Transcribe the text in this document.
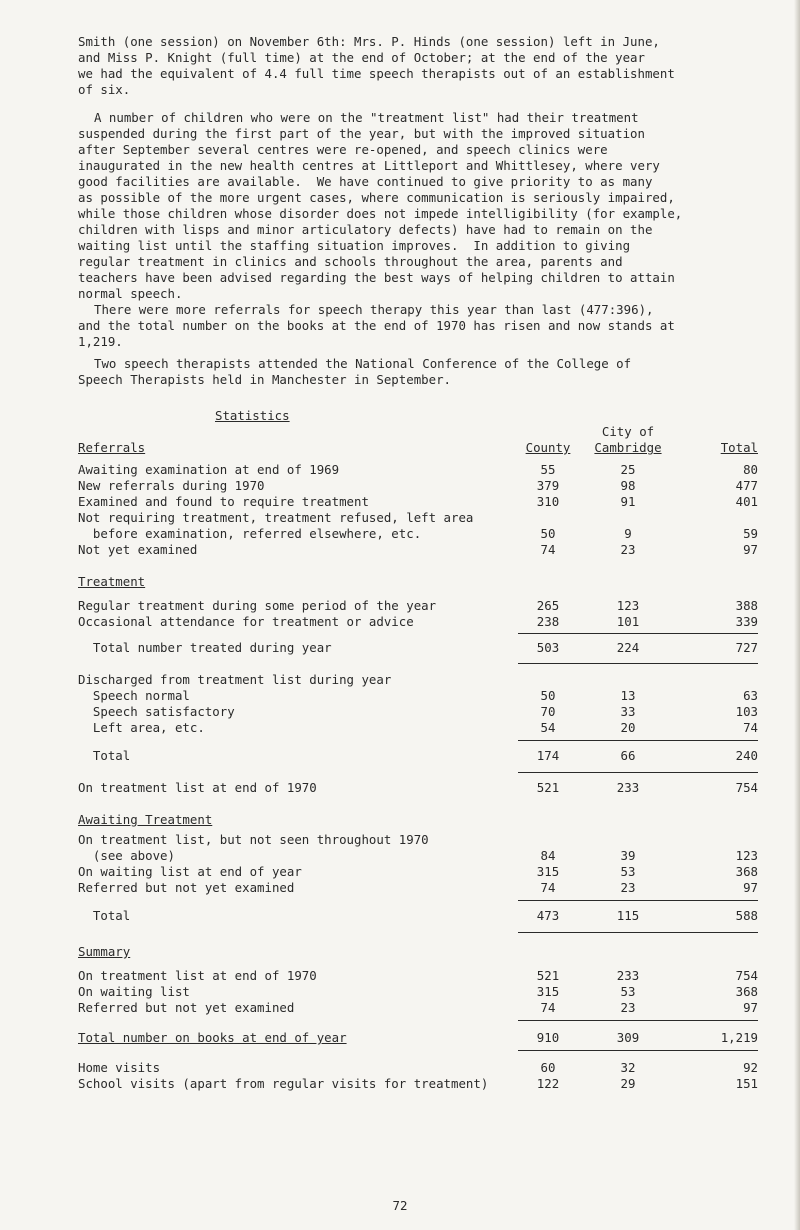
Smith (one session) on November 6th: Mrs. P. Hinds (one session) left in June,
and Miss P. Knight (full time) at the end of October; at the end of the year
we had the equivalent of 4.4 full time speech therapists out of an establishment
of six.
A number of children who were on the "treatment list" had their treatment
suspended during the first part of the year, but with the improved situation
after September several centres were re-opened, and speech clinics were
inaugurated in the new health centres at Littleport and Whittlesey, where very
good facilities are available.  We have continued to give priority to as many
as possible of the more urgent cases, where communication is seriously impaired,
while those children whose disorder does not impede intelligibility (for example,
children with lisps and minor articulatory defects) have had to remain on the
waiting list until the staffing situation improves.  In addition to giving
regular treatment in clinics and schools throughout the area, parents and
teachers have been advised regarding the best ways of helping children to attain
normal speech.
There were more referrals for speech therapy this year than last (477:396),
and the total number on the books at the end of 1970 has risen and now stands at
1,219.
Two speech therapists attended the National Conference of the College of
Speech Therapists held in Manchester in September.
Statistics
Referrals	County
City of
Cambridge	Total
Awaiting examination at end of 1969	55	25	80
New referrals during 1970	379	98	477
Examined and found to require treatment	310	91	401
Not requiring treatment, treatment refused, left area
before examination, referred elsewhere, etc.	50	9	59
Not yet examined	74	23	97
Treatment
Regular treatment during some period of the year	265	123	388
Occasional attendance for treatment or advice	238	101	339
Total number treated during year	503	224	727
Discharged from treatment list during year
Speech normal	50	13	63
Speech satisfactory	70	33	103
Left area, etc.	54	20	74
Total	174	66	240
On treatment list at end of 1970	521	233	754
Awaiting Treatment
On treatment list, but not seen throughout 1970
(see above)	84	39	123
On waiting list at end of year	315	53	368
Referred but not yet examined	74	23	97
Total	473	115	588
Summary
On treatment list at end of 1970	521	233	754
On waiting list	315	53	368
Referred but not yet examined	74	23	97
Total number on books at end of year	910	309	1,219
Home visits	60	32	92
School visits (apart from regular visits for treatment)	122	29	151
72
